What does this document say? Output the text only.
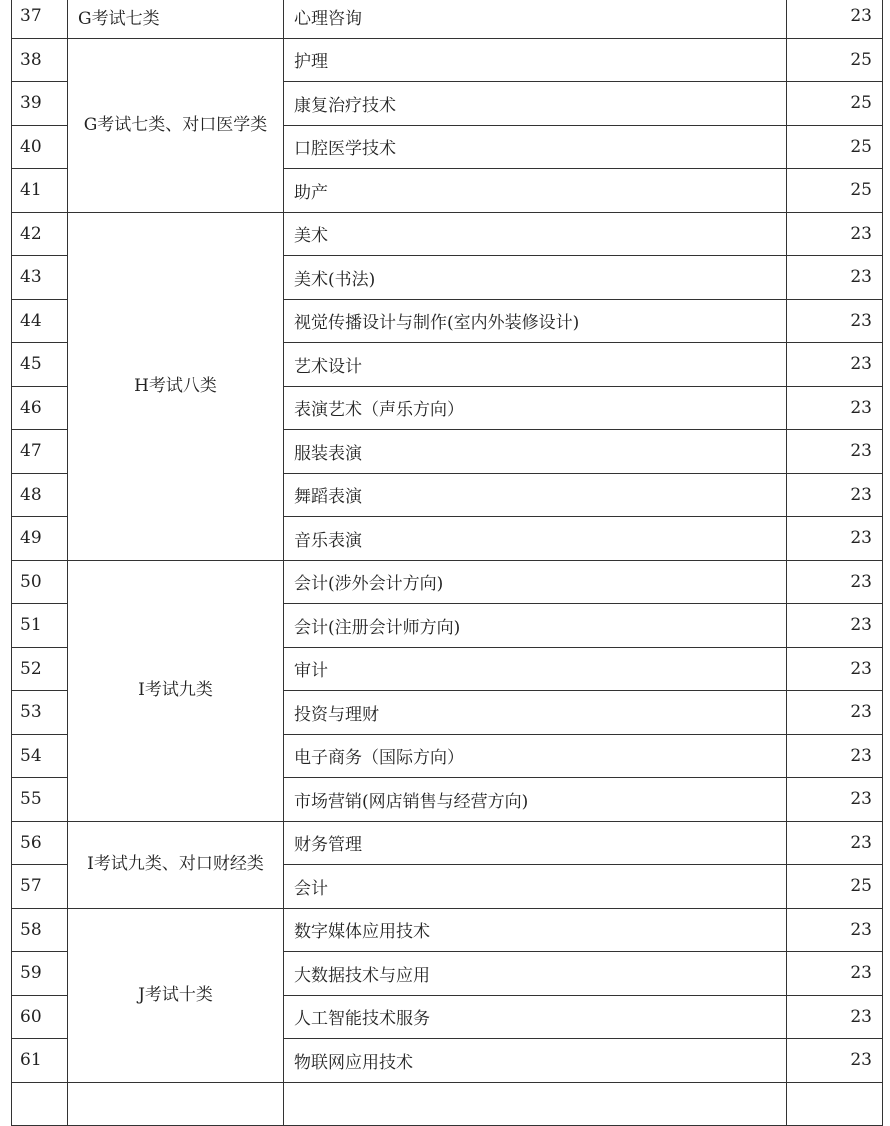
37	G考试七类	心理咨询	23
38	G考试七类、对口医学类	护理	25
39		康复治疗技术	25
40		口腔医学技术	25
41		助产	25
42	H考试八类	美术	23
43		美术(书法)	23
44		视觉传播设计与制作(室内外装修设计)	23
45		艺术设计	23
46		表演艺术（声乐方向）	23
47		服装表演	23
48		舞蹈表演	23
49		音乐表演	23
50	I考试九类	会计(涉外会计方向)	23
51		会计(注册会计师方向)	23
52		审计	23
53		投资与理财	23
54		电子商务（国际方向）	23
55		市场营销(网店销售与经营方向)	23
56	I考试九类、对口财经类	财务管理	23
57		会计	25
58	J考试十类	数字媒体应用技术	23
59		大数据技术与应用	23
60		人工智能技术服务	23
61		物联网应用技术	23
